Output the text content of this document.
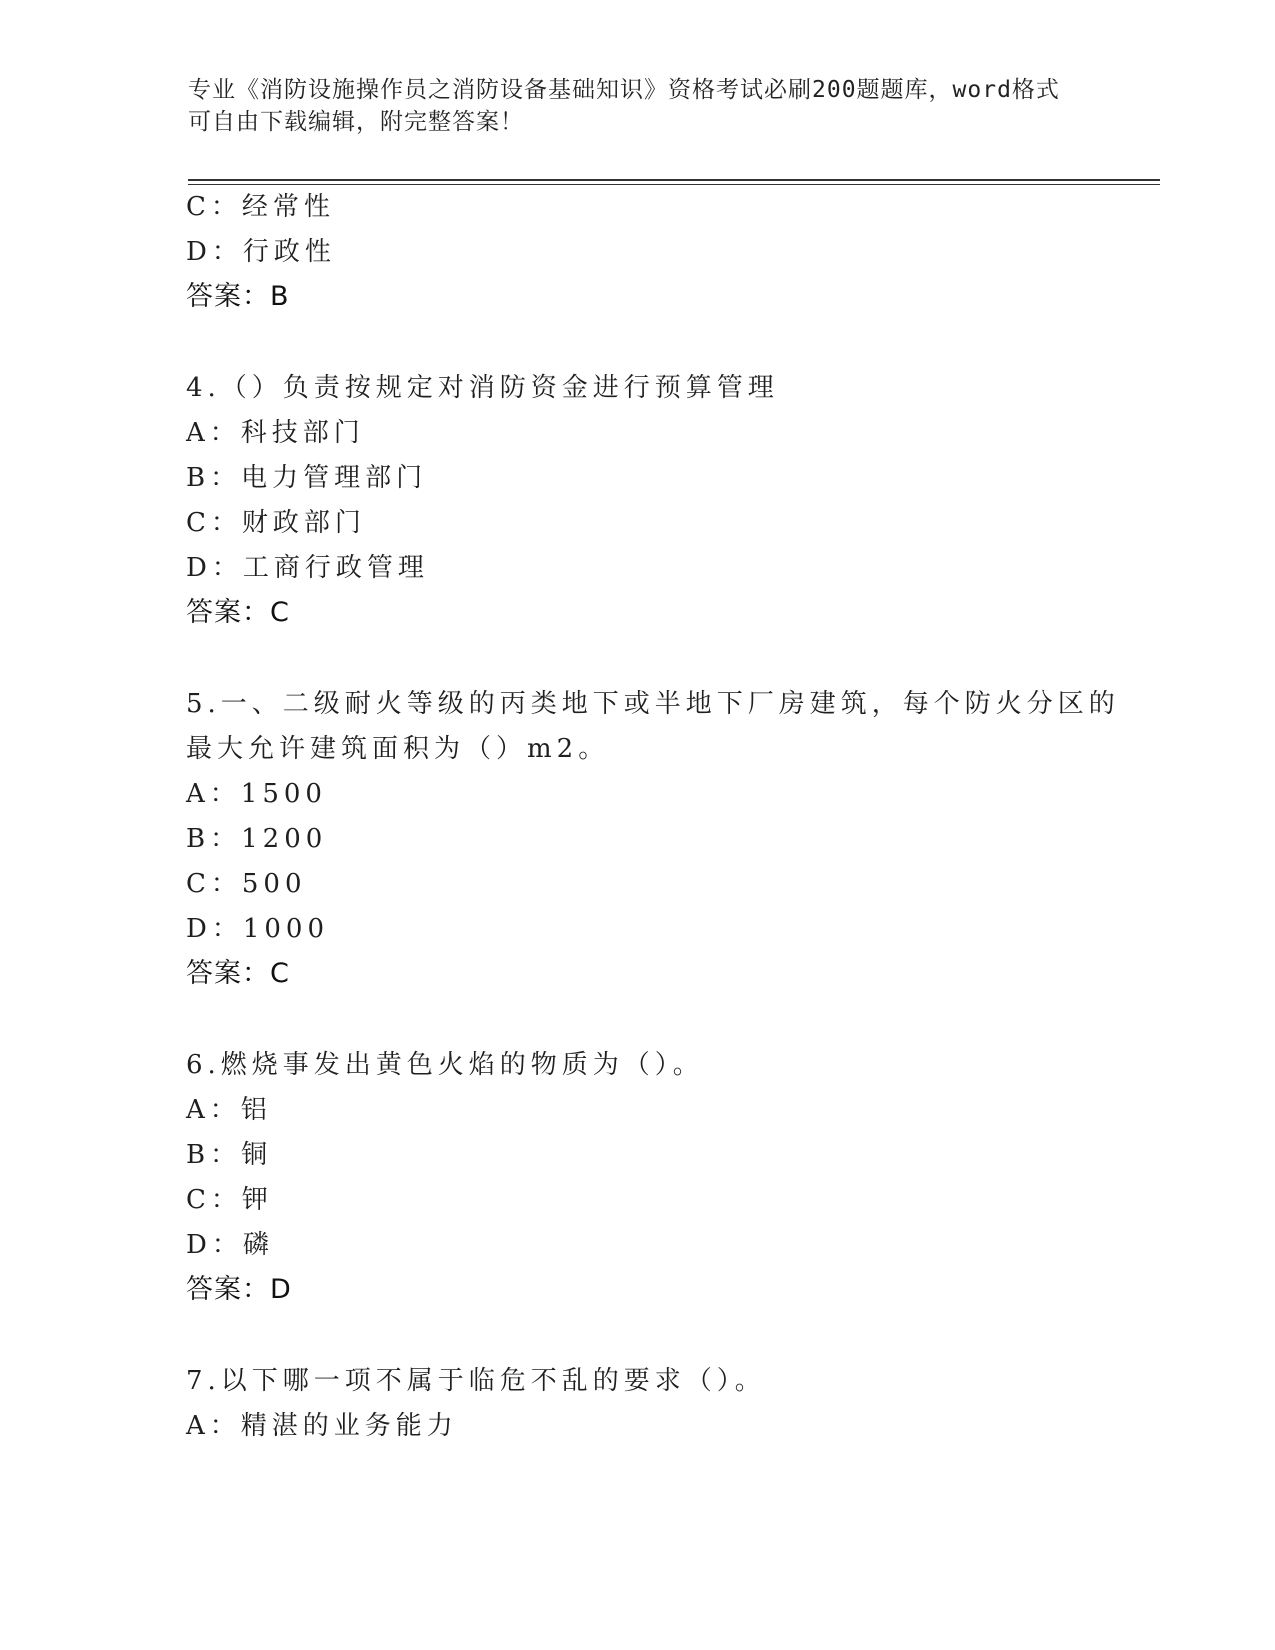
专业《消防设施操作员之消防设备基础知识》资格考试必刷200题题库，word格式可自由下载编辑，附完整答案！
C：经常性
D：行政性
答案：B
4.（）负责按规定对消防资金进行预算管理
A：科技部门
B：电力管理部门
C：财政部门
D：工商行政管理
答案：C
5.一、二级耐火等级的丙类地下或半地下厂房建筑，每个防火分区的
最大允许建筑面积为（）m2。
A：1500
B：1200
C：500
D：1000
答案：C
6.燃烧事发出黄色火焰的物质为（）。
A：铝
B：铜
C：钾
D：磷
答案：D
7.以下哪一项不属于临危不乱的要求（）。
A：精湛的业务能力
